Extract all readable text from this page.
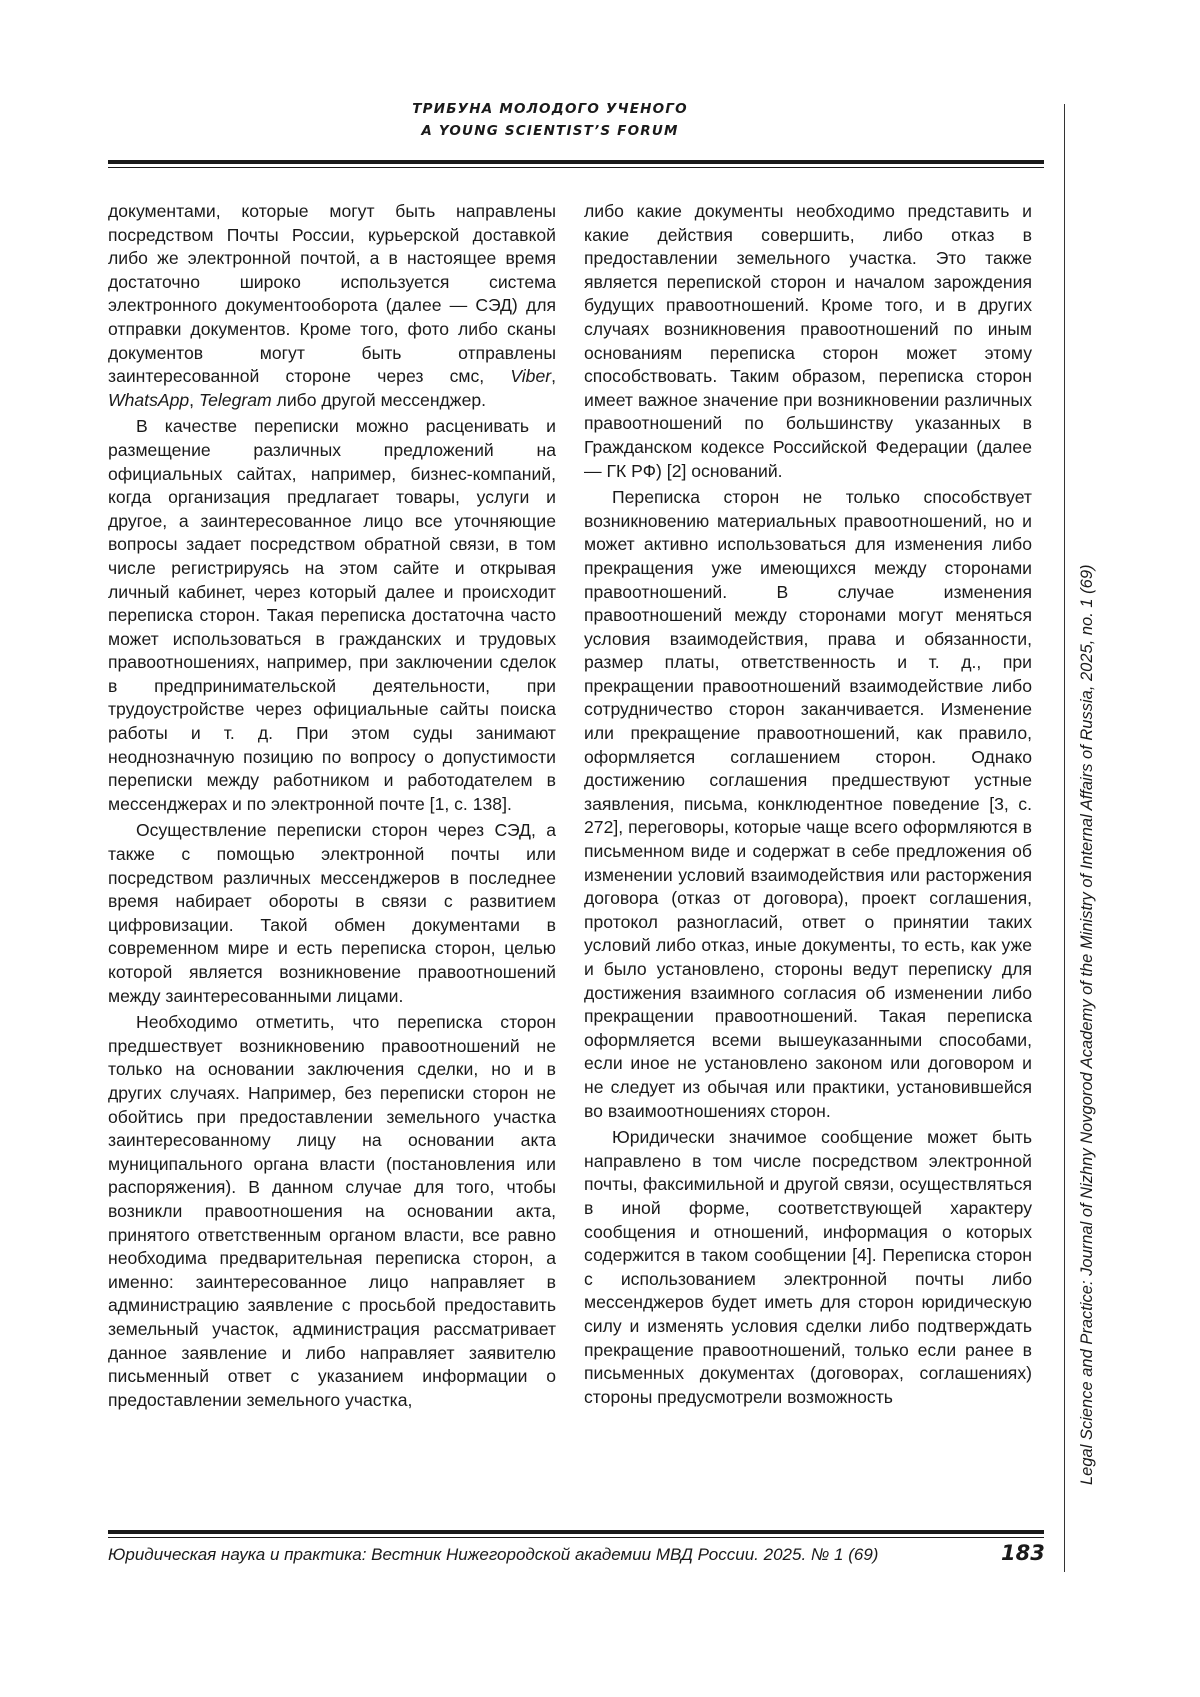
ТРИБУНА МОЛОДОГО УЧЕНОГО
A YOUNG SCIENTIST’S FORUM

документами, которые могут быть направлены посредством Почты России, курьерской доставкой либо же электронной почтой, а в настоящее время достаточно широко используется система электронного документооборота (далее — СЭД) для отправки документов. Кроме того, фото либо сканы документов могут быть отправлены заинтересованной стороне через смс, Viber, WhatsApp, Telegram либо другой мессенджер.

В качестве переписки можно расценивать и размещение различных предложений на официальных сайтах, например, бизнес-компаний, когда организация предлагает товары, услуги и другое, а заинтересованное лицо все уточняющие вопросы задает посредством обратной связи, в том числе регистрируясь на этом сайте и открывая личный кабинет, через который далее и происходит переписка сторон. Такая переписка достаточна часто может использоваться в гражданских и трудовых правоотношениях, например, при заключении сделок в предпринимательской деятельности, при трудоустройстве через официальные сайты поиска работы и т. д. При этом суды занимают неоднозначную позицию по вопросу о допустимости переписки между работником и работодателем в мессенджерах и по электронной почте [1, с. 138].

Осуществление переписки сторон через СЭД, а также с помощью электронной почты или посредством различных мессенджеров в последнее время набирает обороты в связи с развитием цифровизации. Такой обмен документами в современном мире и есть переписка сторон, целью которой является возникновение правоотношений между заинтересованными лицами.

Необходимо отметить, что переписка сторон предшествует возникновению правоотношений не только на основании заключения сделки, но и в других случаях. Например, без переписки сторон не обойтись при предоставлении земельного участка заинтересованному лицу на основании акта муниципального органа власти (постановления или распоряжения). В данном случае для того, чтобы возникли правоотношения на основании акта, принятого ответственным органом власти, все равно необходима предварительная переписка сторон, а именно: заинтересованное лицо направляет в администрацию заявление с просьбой предоставить земельный участок, администрация рассматривает данное заявление и либо направляет заявителю письменный ответ с указанием информации о предоставлении земельного участка,

либо какие документы необходимо представить и какие действия совершить, либо отказ в предоставлении земельного участка. Это также является перепиской сторон и началом зарождения будущих правоотношений. Кроме того, и в других случаях возникновения правоотношений по иным основаниям переписка сторон может этому способствовать. Таким образом, переписка сторон имеет важное значение при возникновении различных правоотношений по большинству указанных в Гражданском кодексе Российской Федерации (далее — ГК РФ) [2] оснований.

Переписка сторон не только способствует возникновению материальных правоотношений, но и может активно использоваться для изменения либо прекращения уже имеющихся между сторонами правоотношений. В случае изменения правоотношений между сторонами могут меняться условия взаимодействия, права и обязанности, размер платы, ответственность и т. д., при прекращении правоотношений взаимодействие либо сотрудничество сторон заканчивается. Изменение или прекращение правоотношений, как правило, оформляется соглашением сторон. Однако достижению соглашения предшествуют устные заявления, письма, конклюдентное поведение [3, с. 272], переговоры, которые чаще всего оформляются в письменном виде и содержат в себе предложения об изменении условий взаимодействия или расторжения договора (отказ от договора), проект соглашения, протокол разногласий, ответ о принятии таких условий либо отказ, иные документы, то есть, как уже и было установлено, стороны ведут переписку для достижения взаимного согласия об изменении либо прекращении правоотношений. Такая переписка оформляется всеми вышеуказанными способами, если иное не установлено законом или договором и не следует из обычая или практики, установившейся во взаимоотношениях сторон.

Юридически значимое сообщение может быть направлено в том числе посредством электронной почты, факсимильной и другой связи, осуществляться в иной форме, соответствующей характеру сообщения и отношений, информация о которых содержится в таком сообщении [4]. Переписка сторон с использованием электронной почты либо мессенджеров будет иметь для сторон юридическую силу и изменять условия сделки либо подтверждать прекращение правоотношений, только если ранее в письменных документах (договорах, соглашениях) стороны предусмотрели возможность	Legal Science and Practice: Journal of Nizhny Novgorod Academy of the Ministry of Internal Affairs of Russia, 2025, no. 1 (69)
Юридическая наука и практика: Вестник Нижегородской академии МВД России. 2025. № 1 (69)	183
